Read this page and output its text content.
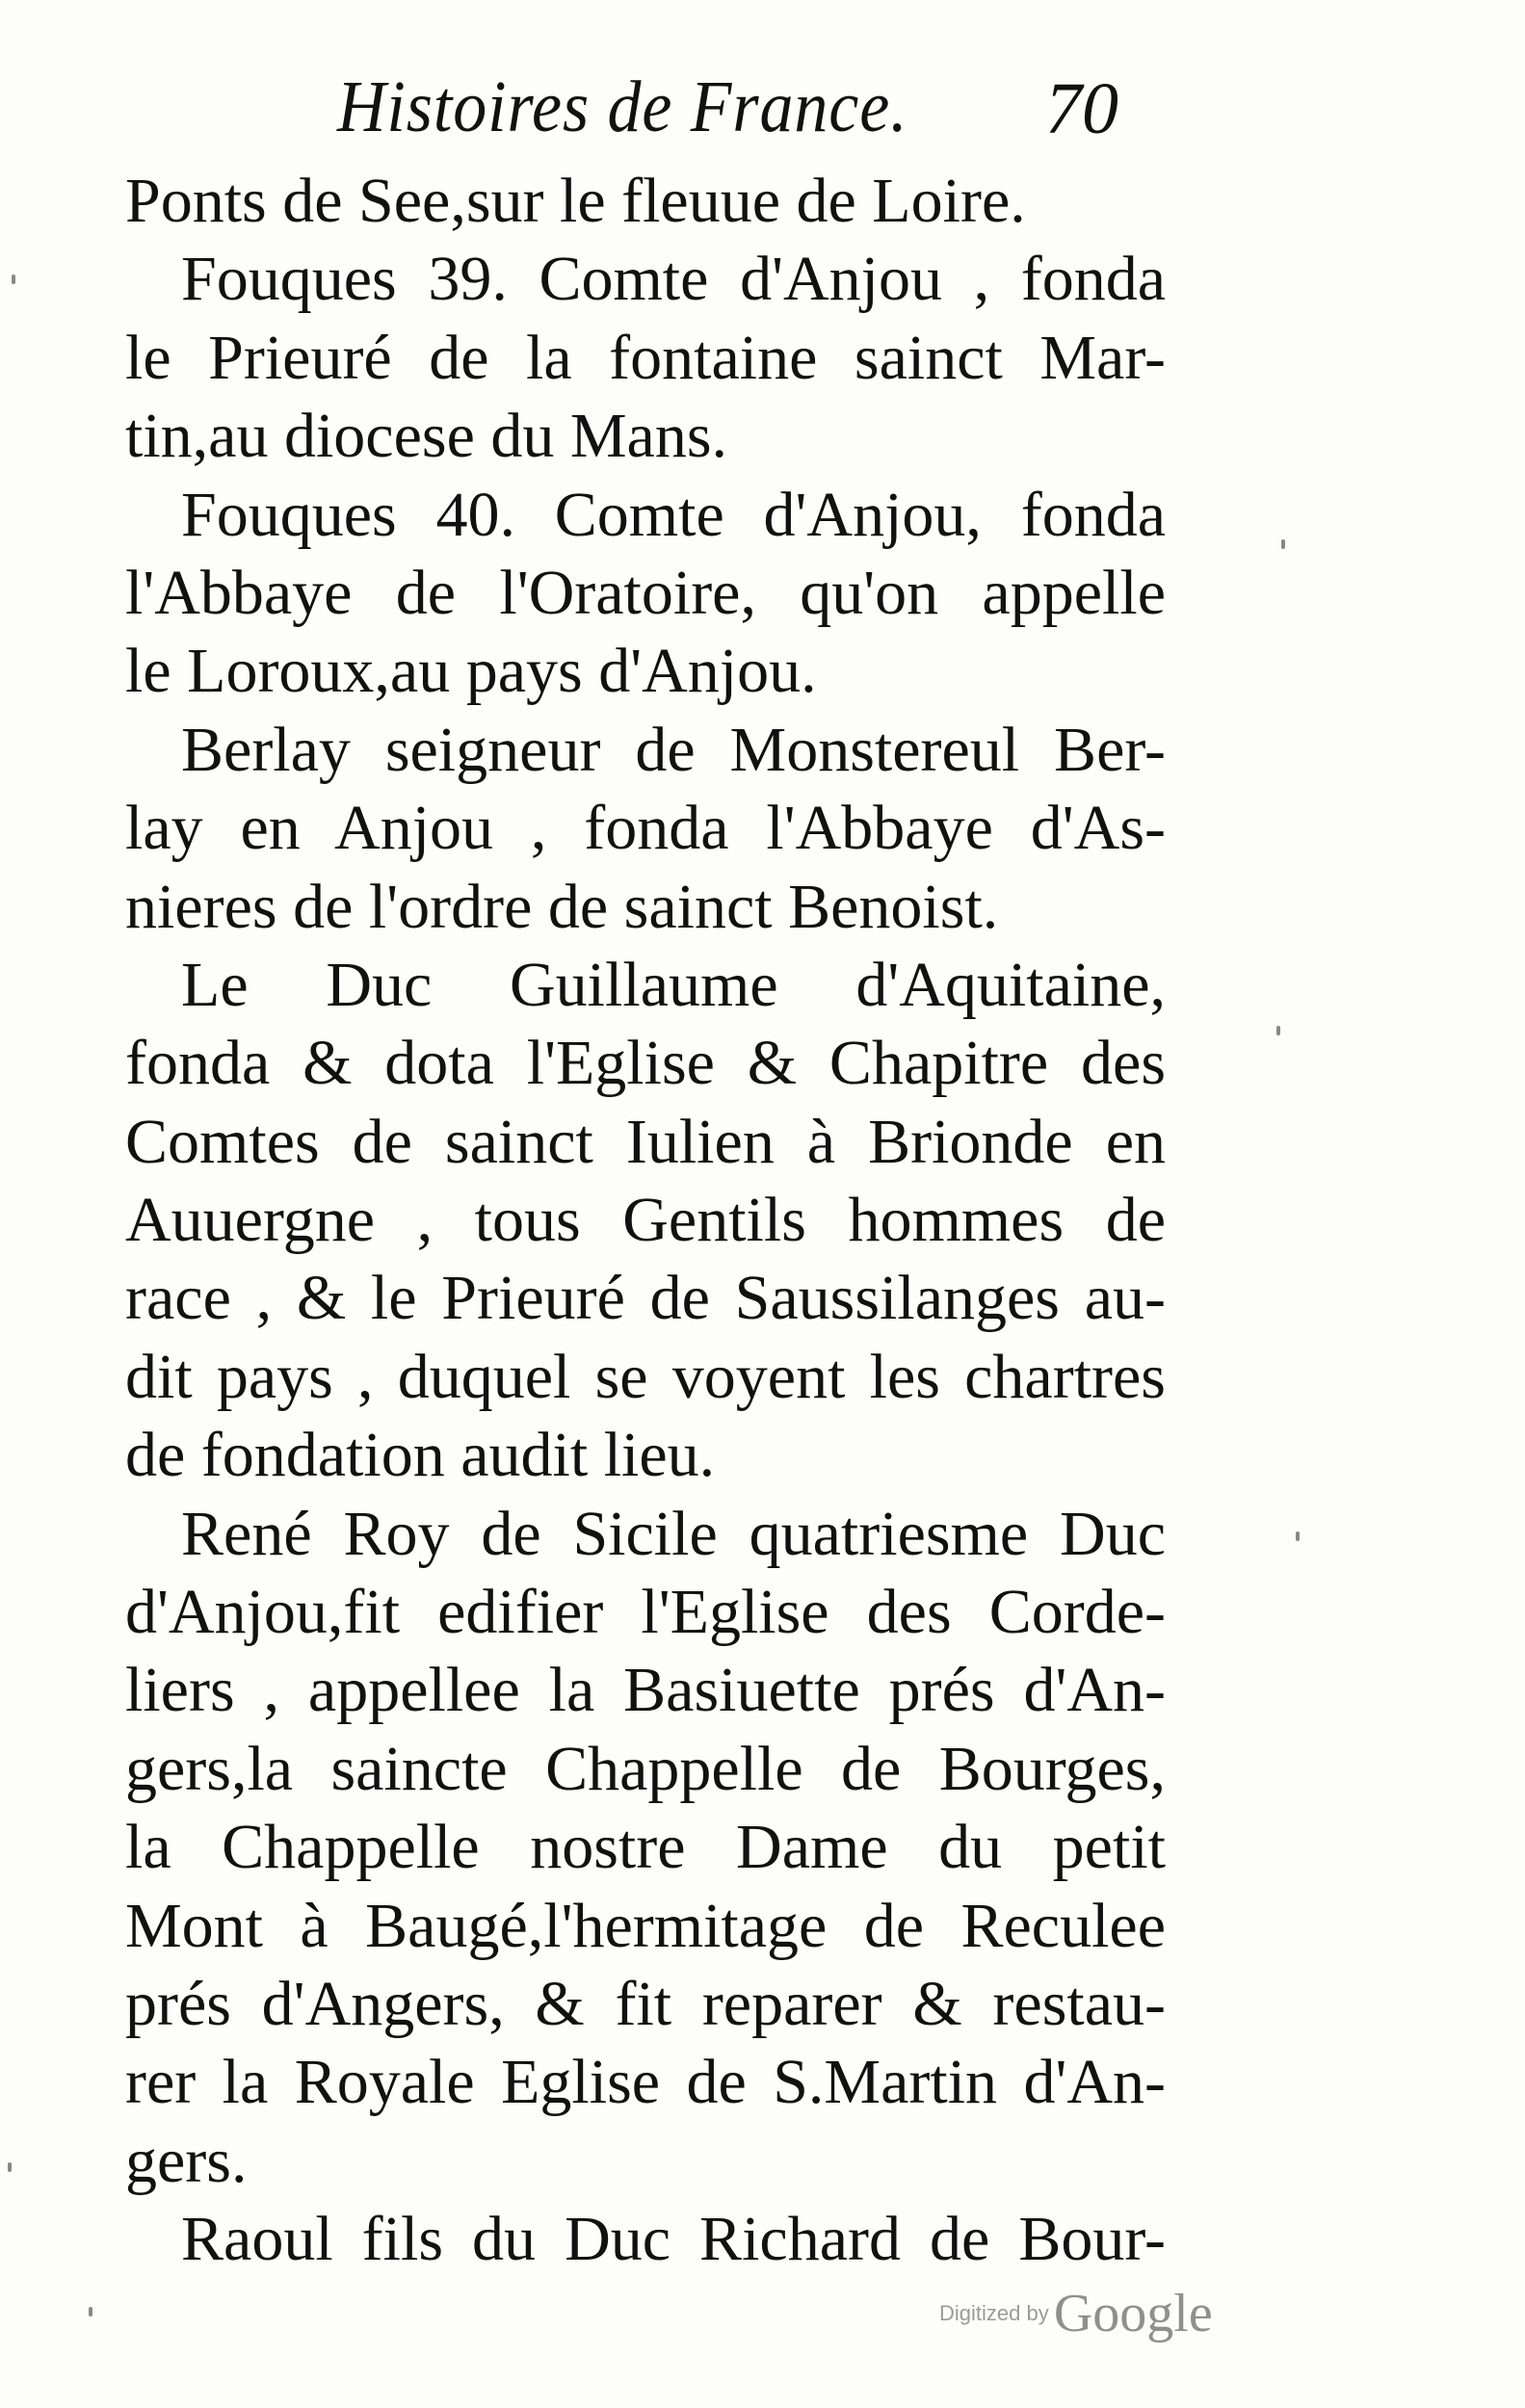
Histoires de France. 70
Ponts de See,sur le fleuue de Loire.
Fouques 39. Comte d'Anjou , fonda
le Prieuré de la fontaine sainct Mar-
tin,au diocese du Mans.
Fouques 40. Comte d'Anjou, fonda
l'Abbaye de l'Oratoire, qu'on appelle
le Loroux,au pays d'Anjou.
Berlay seigneur de Monstereul Ber-
lay en Anjou , fonda l'Abbaye d'As-
nieres de l'ordre de sainct Benoist.
Le Duc Guillaume d'Aquitaine,
fonda & dota l'Eglise & Chapitre des
Comtes de sainct Iulien à Brionde en
Auuergne , tous Gentils hommes de
race , & le Prieuré de Saussilanges au-
dit pays , duquel se voyent les chartres
de fondation audit lieu.
René Roy de Sicile quatriesme Duc
d'Anjou,fit edifier l'Eglise des Corde-
liers , appellee la Basiuette prés d'An-
gers,la saincte Chappelle de Bourges,
la Chappelle nostre Dame du petit
Mont à Baugé,l'hermitage de Reculee
prés d'Angers, & fit reparer & restau-
rer la Royale Eglise de S.Martin d'An-
gers.
Raoul fils du Duc Richard de Bour-
Digitized by Google
